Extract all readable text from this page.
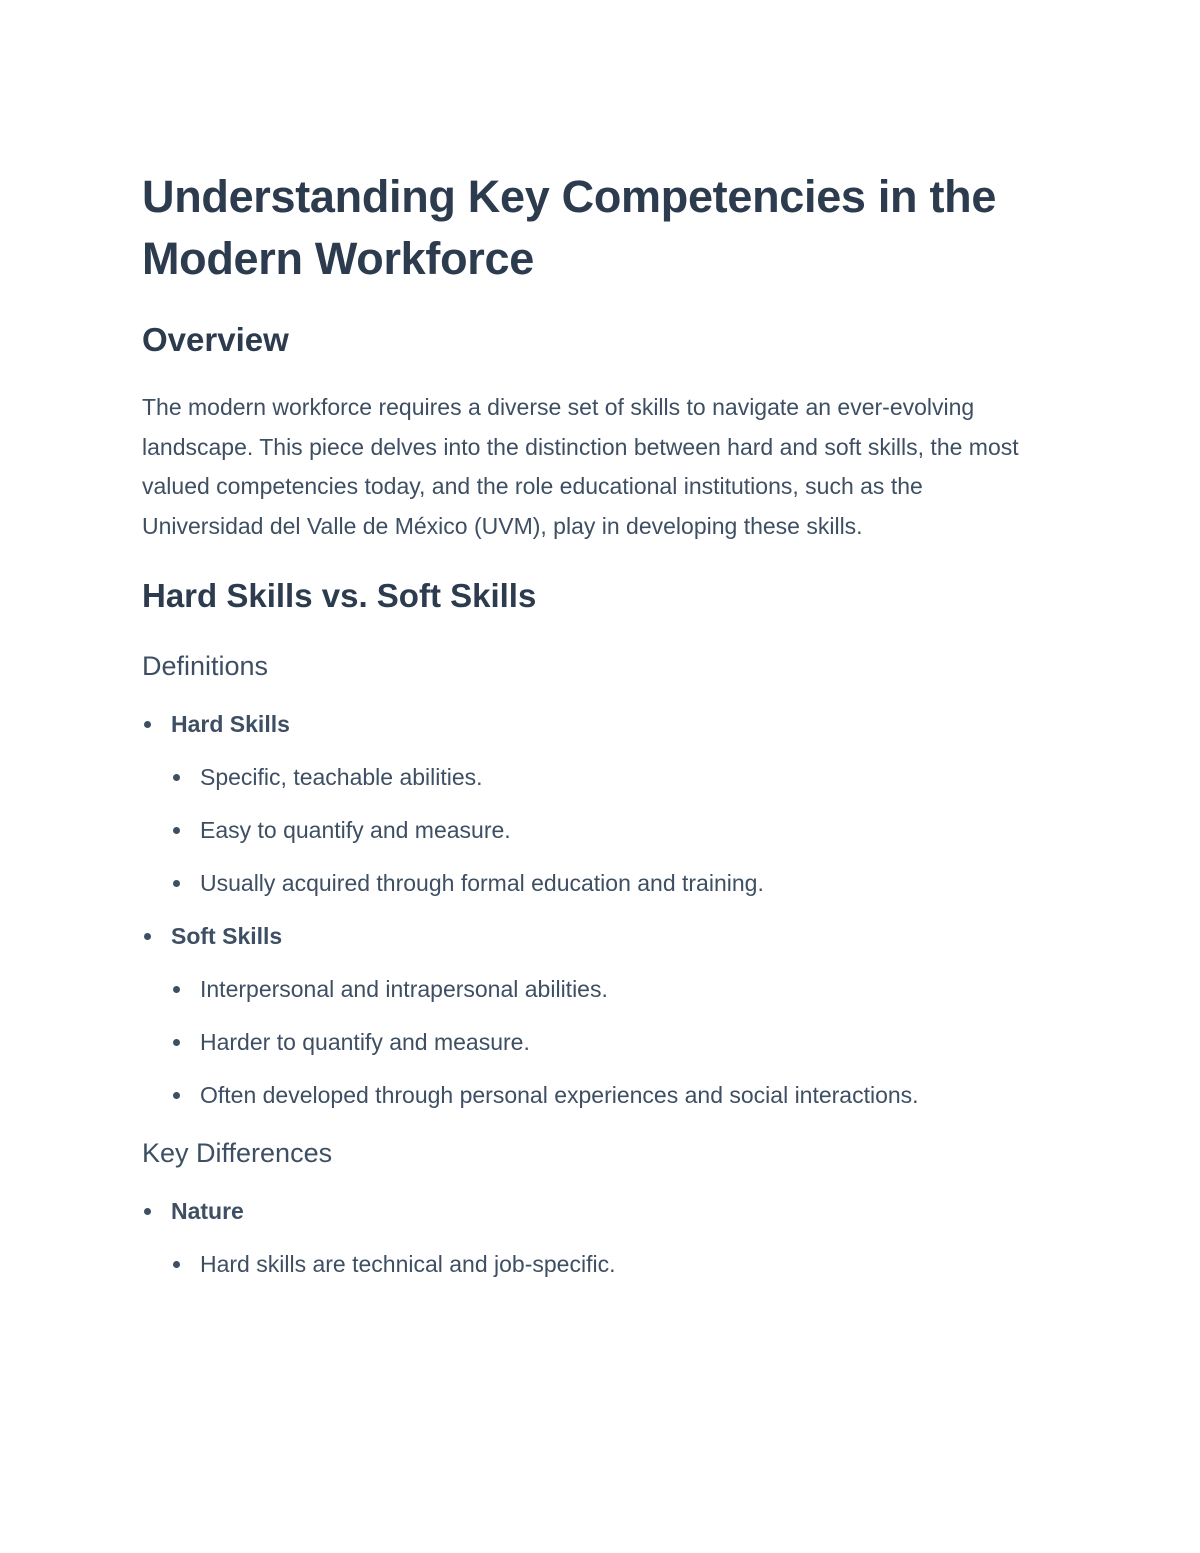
Understanding Key Competencies in the Modern Workforce
Overview

The modern workforce requires a diverse set of skills to navigate an ever-evolving landscape. This piece delves into the distinction between hard and soft skills, the most valued competencies today, and the role educational institutions, such as the Universidad del Valle de México (UVM), play in developing these skills.

Hard Skills vs. Soft Skills
Definitions
Hard Skills
Specific, teachable abilities.
Easy to quantify and measure.
Usually acquired through formal education and training.
Soft Skills
Interpersonal and intrapersonal abilities.
Harder to quantify and measure.
Often developed through personal experiences and social interactions.
Key Differences
Nature
Hard skills are technical and job-specific.
